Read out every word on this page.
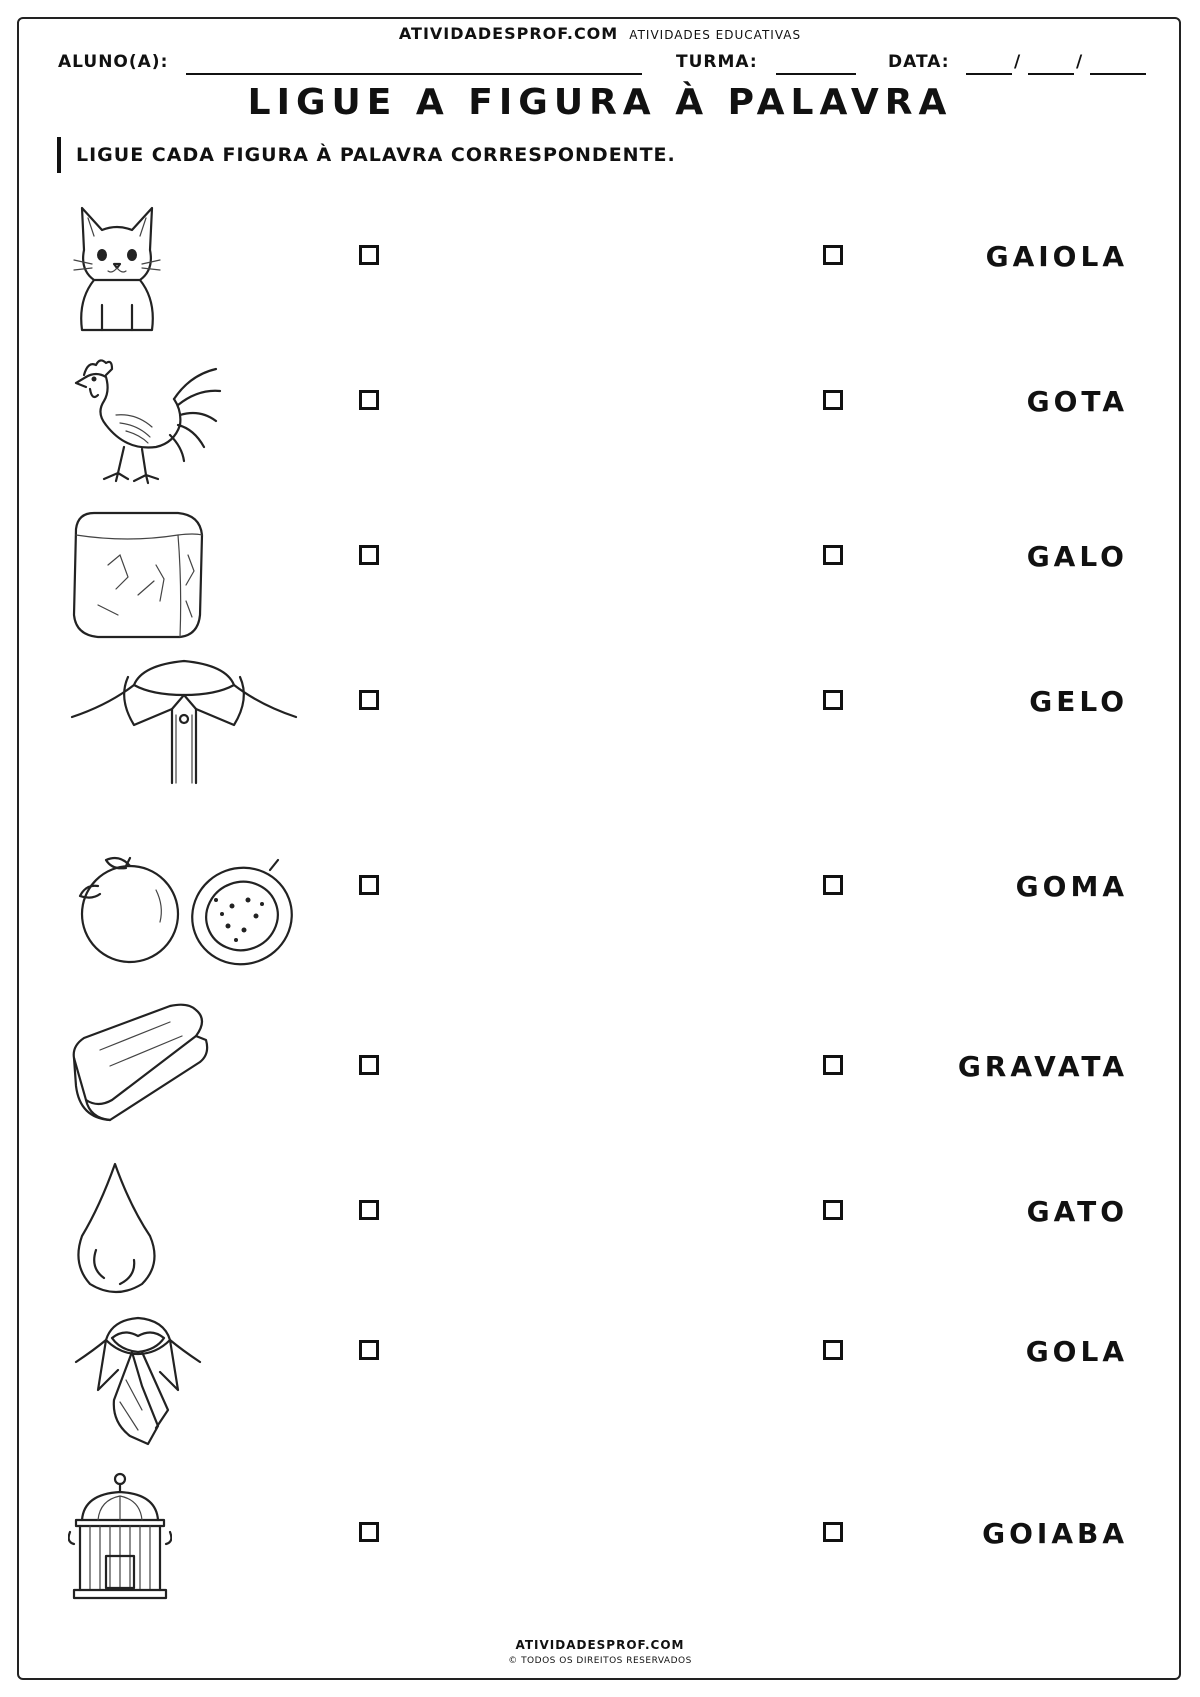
ATIVIDADESPROF.COM ATIVIDADES EDUCATIVAS
ALUNO(A):	TURMA:	DATA:	/	/
LIGUE A FIGURA À PALAVRA
LIGUE CADA FIGURA À PALAVRA CORRESPONDENTE.
GAIOLA
GOTA
GALO
GELO
GOMA
GRAVATA
GATO
GOLA
GOIABA
ATIVIDADESPROF.COM
© TODOS OS DIREITOS RESERVADOS
